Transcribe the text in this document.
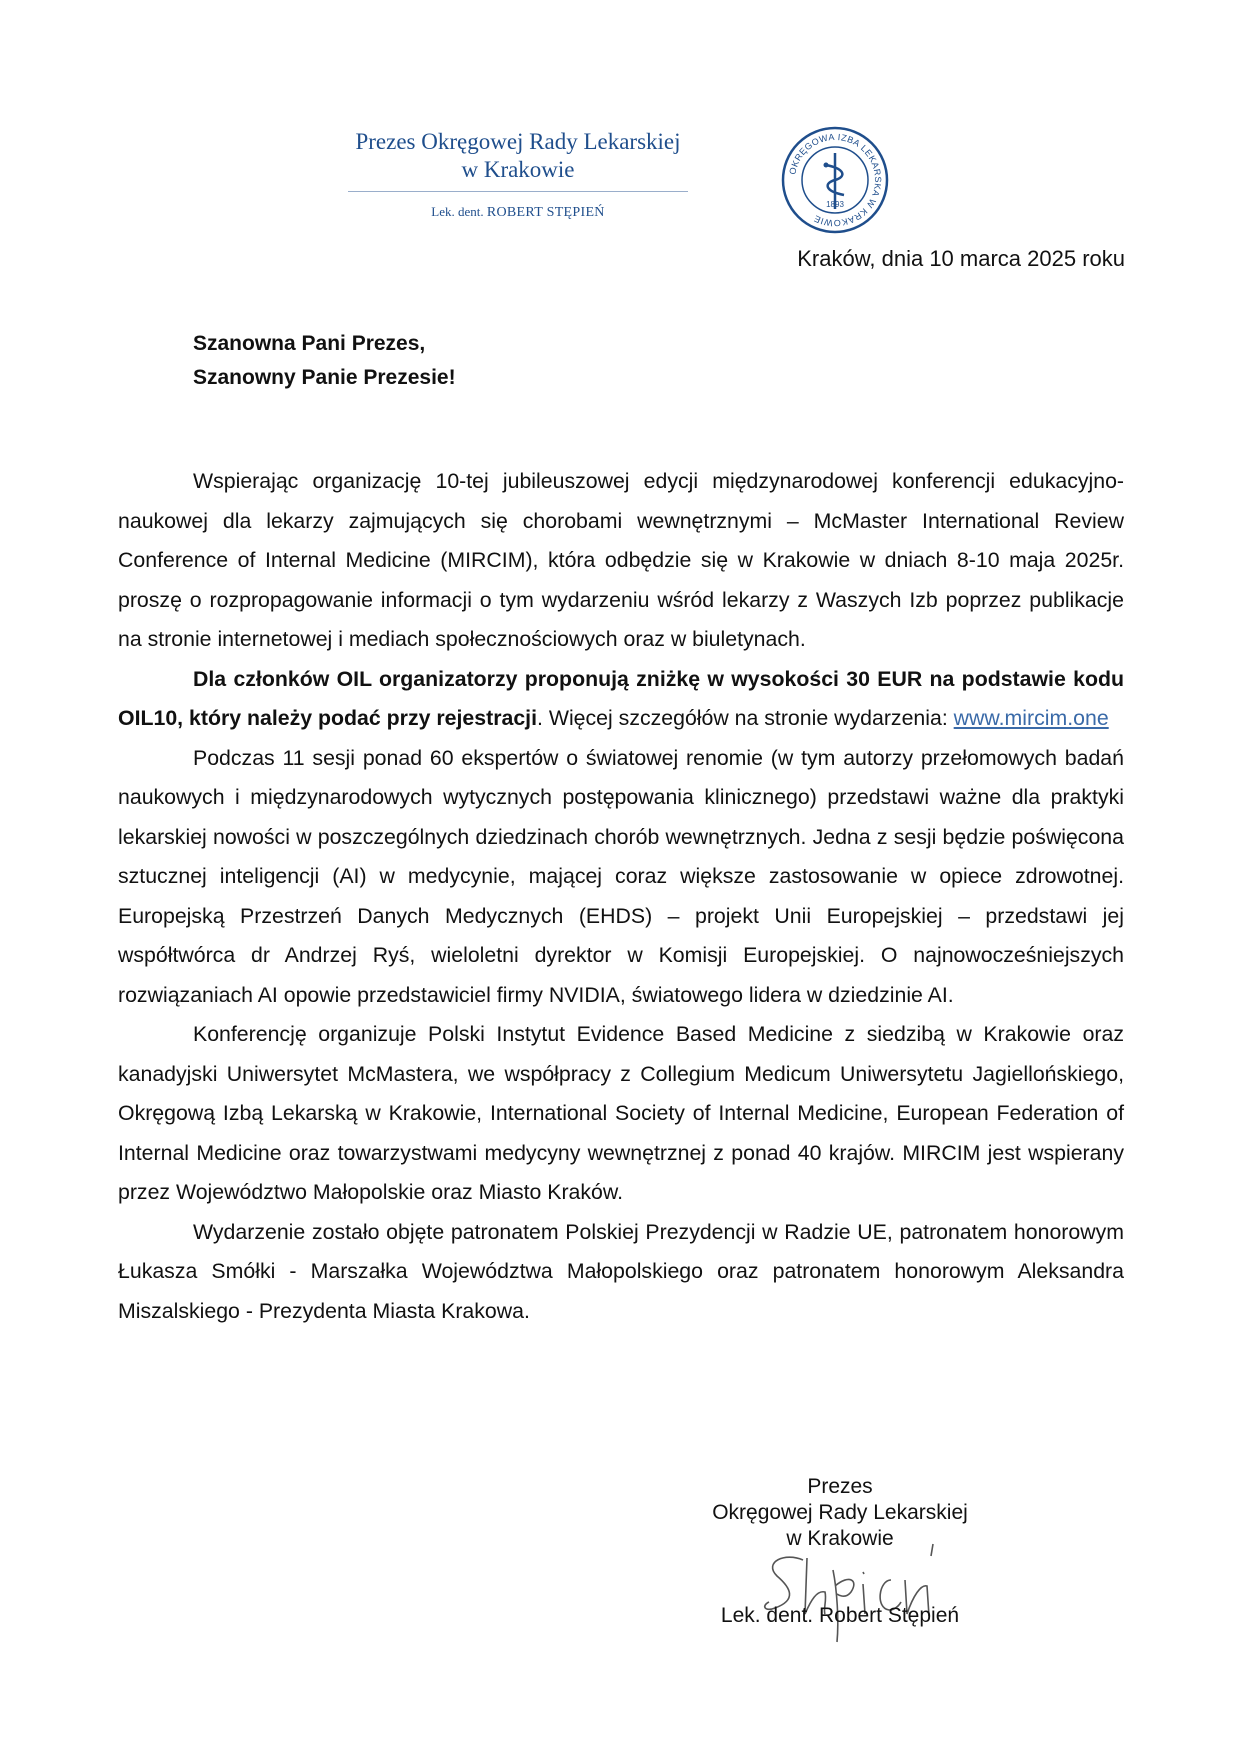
Prezes Okręgowej Rady Lekarskiej
w Krakowie
Lek. dent. ROBERT STĘPIEŃ
OKRĘGOWA IZBA LEKARSKA W KRAKOWIE
1893
Kraków, dnia 10 marca 2025 roku
Szanowna Pani Prezes,
Szanowny Panie Prezesie!

Wspierając organizację 10-tej jubileuszowej edycji międzynarodowej konferencji edukacyjno-naukowej dla lekarzy zajmujących się chorobami wewnętrznymi – McMaster International Review Conference of Internal Medicine (MIRCIM), która odbędzie się w Krakowie w dniach 8-10 maja 2025r. proszę o rozpropagowanie informacji o tym wydarzeniu wśród lekarzy z Waszych Izb poprzez publikacje na stronie internetowej i mediach społecznościowych oraz w biuletynach.

Dla członków OIL organizatorzy proponują zniżkę w wysokości 30 EUR na podstawie kodu OIL10, który należy podać przy rejestracji. Więcej szczegółów na stronie wydarzenia: www.mircim.one

Podczas 11 sesji ponad 60 ekspertów o światowej renomie (w tym autorzy przełomowych badań naukowych i międzynarodowych wytycznych postępowania klinicznego) przedstawi ważne dla praktyki lekarskiej nowości w poszczególnych dziedzinach chorób wewnętrznych. Jedna z sesji będzie poświęcona sztucznej inteligencji (AI) w medycynie, mającej coraz większe zastosowanie w opiece zdrowotnej. Europejską Przestrzeń Danych Medycznych (EHDS) – projekt Unii Europejskiej – przedstawi jej współtwórca dr Andrzej Ryś, wieloletni dyrektor w Komisji Europejskiej. O najnowocześniejszych rozwiązaniach AI opowie przedstawiciel firmy NVIDIA, światowego lidera w dziedzinie AI.

Konferencję organizuje Polski Instytut Evidence Based Medicine z siedzibą w Krakowie oraz kanadyjski Uniwersytet McMastera, we współpracy z Collegium Medicum Uniwersytetu Jagiellońskiego, Okręgową Izbą Lekarską w Krakowie, International Society of Internal Medicine, European Federation of Internal Medicine oraz towarzystwami medycyny wewnętrznej z ponad 40 krajów. MIRCIM jest wspierany przez Województwo Małopolskie oraz Miasto Kraków.

Wydarzenie zostało objęte patronatem Polskiej Prezydencji w Radzie UE, patronatem honorowym Łukasza Smółki - Marszałka Województwa Małopolskiego oraz patronatem honorowym Aleksandra Miszalskiego - Prezydenta Miasta Krakowa.

Prezes
Okręgowej Rady Lekarskiej
w Krakowie
Lek. dent. Robert Stępień
